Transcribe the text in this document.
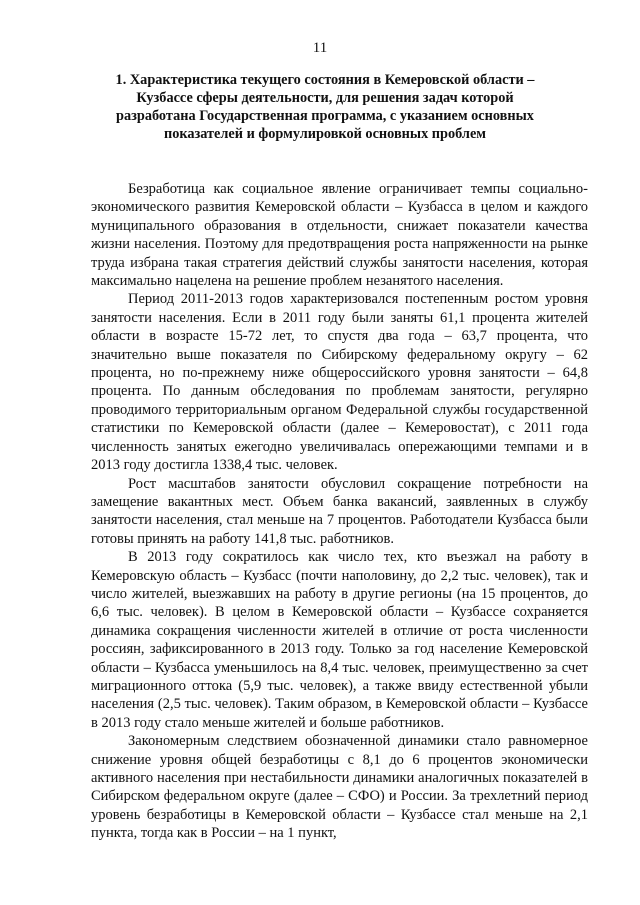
11
1. Характеристика текущего состояния в Кемеровской области – Кузбассе сферы деятельности, для решения задач которой разработана Государственная программа, с указанием основных показателей и формулировкой основных проблем

Безработица как социальное явление ограничивает темпы социально-экономического развития Кемеровской области – Кузбасса в целом и каждого муниципального образования в отдельности, снижает показатели качества жизни населения. Поэтому для предотвращения роста напряженности на рынке труда избрана такая стратегия действий службы занятости населения, которая максимально нацелена на решение проблем незанятого населения.

Период 2011-2013 годов характеризовался постепенным ростом уровня занятости населения. Если в 2011 году были заняты 61,1 процента жителей области в возрасте 15-72 лет, то спустя два года – 63,7 процента, что значительно выше показателя по Сибирскому федеральному округу – 62 процента, но по-прежнему ниже общероссийского уровня занятости – 64,8 процента. По данным обследования по проблемам занятости, регулярно проводимого территориальным органом Федеральной службы государственной статистики по Кемеровской области (далее – Кемеровостат), с 2011 года численность занятых ежегодно увеличивалась опережающими темпами и в 2013 году достигла 1338,4 тыс. человек.

Рост масштабов занятости обусловил сокращение потребности на замещение вакантных мест. Объем банка вакансий, заявленных в службу занятости населения, стал меньше на 7 процентов. Работодатели Кузбасса были готовы принять на работу 141,8 тыс. работников.

В 2013 году сократилось как число тех, кто въезжал на работу в Кемеровскую область – Кузбасс (почти наполовину, до 2,2 тыс. человек), так и число жителей, выезжавших на работу в другие регионы (на 15 процентов, до 6,6 тыс. человек). В целом в Кемеровской области – Кузбассе сохраняется динамика сокращения численности жителей в отличие от роста численности россиян, зафиксированного в 2013 году. Только за год население Кемеровской области – Кузбасса уменьшилось на 8,4 тыс. человек, преимущественно за счет миграционного оттока (5,9 тыс. человек), а также ввиду естественной убыли населения (2,5 тыс. человек). Таким образом, в Кемеровской области – Кузбассе в 2013 году стало меньше жителей и больше работников.

Закономерным следствием обозначенной динамики стало равномерное снижение уровня общей безработицы с 8,1 до 6 процентов экономически активного населения при нестабильности динамики аналогичных показателей в Сибирском федеральном округе (далее – СФО) и России. За трехлетний период уровень безработицы в Кемеровской области – Кузбассе стал меньше на 2,1 пункта, тогда как в России – на 1 пункт,
